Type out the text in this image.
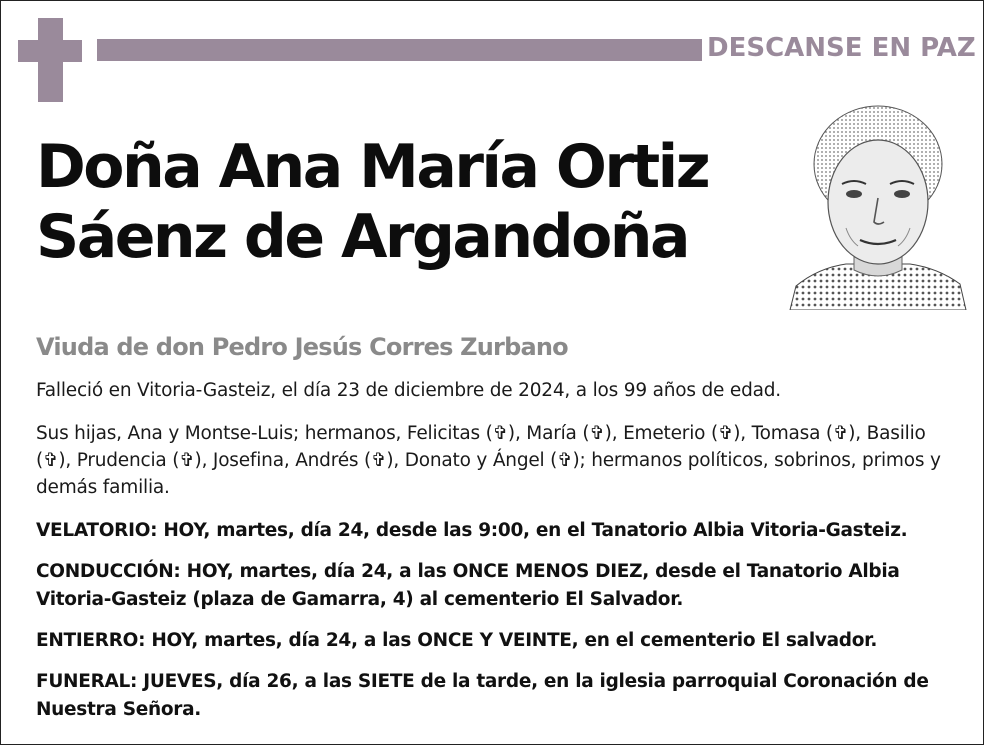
DESCANSE EN PAZ
Doña Ana María Ortiz
Sáenz de Argandoña
Viuda de don Pedro Jesús Corres Zurbano

Falleció en Vitoria-Gasteiz, el día 23 de diciembre de 2024, a los 99 años de edad.

Sus hijas, Ana y Montse-Luis; hermanos, Felicitas (✞), María (✞), Emeterio (✞), Tomasa (✞), Basilio (✞), Prudencia (✞), Josefina, Andrés (✞), Donato y Ángel (✞); hermanos políticos, sobrinos, primos y demás familia.

VELATORIO: HOY, martes, día 24, desde las 9:00, en el Tanatorio Albia Vitoria-Gasteiz.

CONDUCCIÓN: HOY, martes, día 24, a las ONCE MENOS DIEZ, desde el Tanatorio Albia Vitoria-Gasteiz (plaza de Gamarra, 4) al cementerio El Salvador.

ENTIERRO: HOY, martes, día 24, a las ONCE Y VEINTE, en el cementerio El salvador.

FUNERAL: JUEVES, día 26, a las SIETE de la tarde, en la iglesia parroquial Coronación de Nuestra Señora.
